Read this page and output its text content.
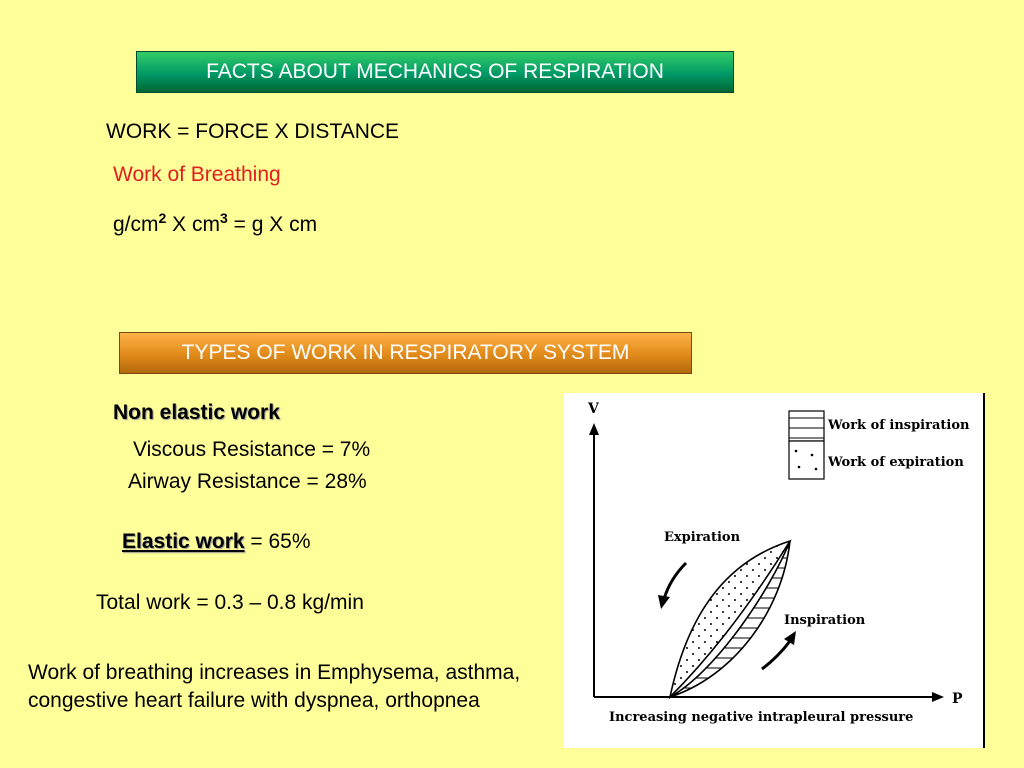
FACTS ABOUT MECHANICS OF RESPIRATION
WORK = FORCE X DISTANCE
Work of Breathing
$g/cm^2$ X $cm^3 = g$ X cm
TYPES OF WORK IN RESPIRATORY SYSTEM
Non elastic work
Viscous Resistance = 7%
Airway Resistance = 28%
Elastic work = 65%
Total work = 0.3 – 0.8 kg/min
Work of breathing increases in Emphysema, asthma, congestive heart failure with dyspnea, orthopnea
V
P
Work of inspiration
Work of expiration
Expiration
Inspiration
Increasing negative intrapleural pressure
